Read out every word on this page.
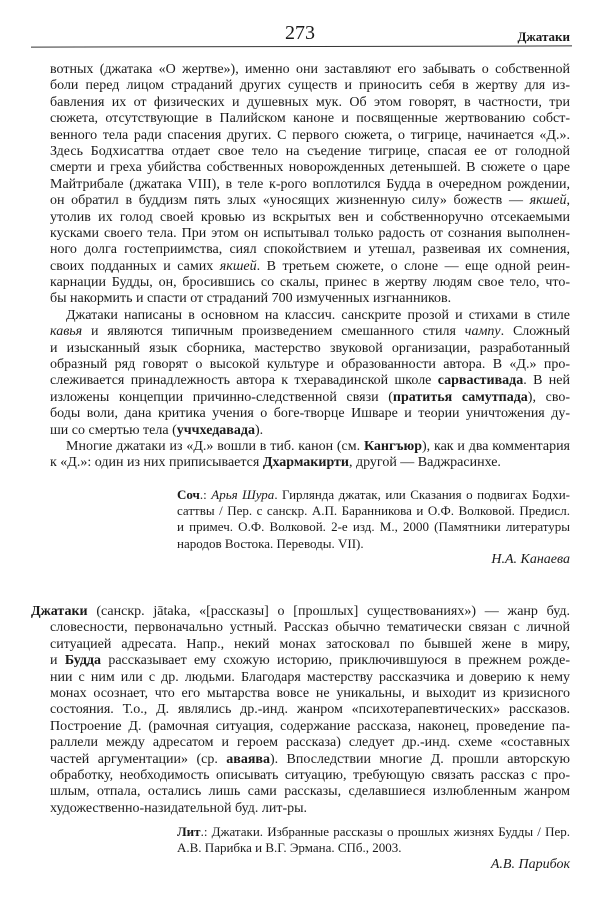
273	Джатаки
вотных (джатака «О жертве»), именно они заставляют его забывать о собственной
боли перед лицом страданий других существ и приносить себя в жертву для из-
бавления их от физических и душевных мук. Об этом говорят, в частности, три
сюжета, отсутствующие в Палийском каноне и посвященные жертвованию собст-
венного тела ради спасения других. С первого сюжета, о тигрице, начинается «Д.».
Здесь Бодхисаттва отдает свое тело на съедение тигрице, спасая ее от голодной
смерти и греха убийства собственных новорожденных детенышей. В сюжете о царе
Майтрибале (джатака VIII), в теле к-рого воплотился Будда в очередном рождении,
он обратил в буддизм пять злых «уносящих жизненную силу» божеств — якшей,
утолив их голод своей кровью из вскрытых вен и собственноручно отсекаемыми
кусками своего тела. При этом он испытывал только радость от сознания выполнен-
ного долга гостеприимства, сиял спокойствием и утешал, развеивая их сомнения,
своих подданных и самих якшей. В третьем сюжете, о слоне — еще одной реин-
карнации Будды, он, бросившись со скалы, принес в жертву людям свое тело, что-
бы накормить и спасти от страданий 700 измученных изгнанников.
Джатаки написаны в основном на классич. санскрите прозой и стихами в стиле
кавья и являются типичным произведением смешанного стиля чампу. Сложный
и изысканный язык сборника, мастерство звуковой организации, разработанный
образный ряд говорят о высокой культуре и образованности автора. В «Д.» про-
слеживается принадлежность автора к тхеравадинской школе сарвастивада. В ней
изложены концепции причинно-следственной связи (пратитья самутпада), сво-
боды воли, дана критика учения о боге-творце Ишваре и теории уничтожения ду-
ши со смертью тела (уччхедавада).
Многие джатаки из «Д.» вошли в тиб. канон (см. Кангъюр), как и два комментария
к «Д.»: один из них приписывается Дхармакирти, другой — Ваджрасинхе.
Соч.: Арья Шура. Гирлянда джатак, или Сказания о подвигах Бодхи-
саттвы / Пер. с санскр. А.П. Баранникова и О.Ф. Волковой. Предисл.
и примеч. О.Ф. Волковой. 2-е изд. М., 2000 (Памятники литературы
народов Востока. Переводы. VII).
Н.А. Канаева
Джатаки (санскр. jātaka, «[рассказы] о [прошлых] существованиях») — жанр буд.
словесности, первоначально устный. Рассказ обычно тематически связан с личной
ситуацией адресата. Напр., некий монах затосковал по бывшей жене в миру,
и Будда рассказывает ему схожую историю, приключившуюся в прежнем рожде-
нии с ним или с др. людьми. Благодаря мастерству рассказчика и доверию к нему
монах осознает, что его мытарства вовсе не уникальны, и выходит из кризисного
состояния. Т.о., Д. являлись др.-инд. жанром «психотерапевтических» рассказов.
Построение Д. (рамочная ситуация, содержание рассказа, наконец, проведение па-
раллели между адресатом и героем рассказа) следует др.-инд. схеме «составных
частей аргументации» (ср. аваява). Впоследствии многие Д. прошли авторскую
обработку, необходимость описывать ситуацию, требующую связать рассказ с про-
шлым, отпала, остались лишь сами рассказы, сделавшиеся излюбленным жанром
художественно-назидательной буд. лит-ры.
Лит.: Джатаки. Избранные рассказы о прошлых жизнях Будды / Пер.
А.В. Парибка и В.Г. Эрмана. СПб., 2003.
А.В. Парибок
